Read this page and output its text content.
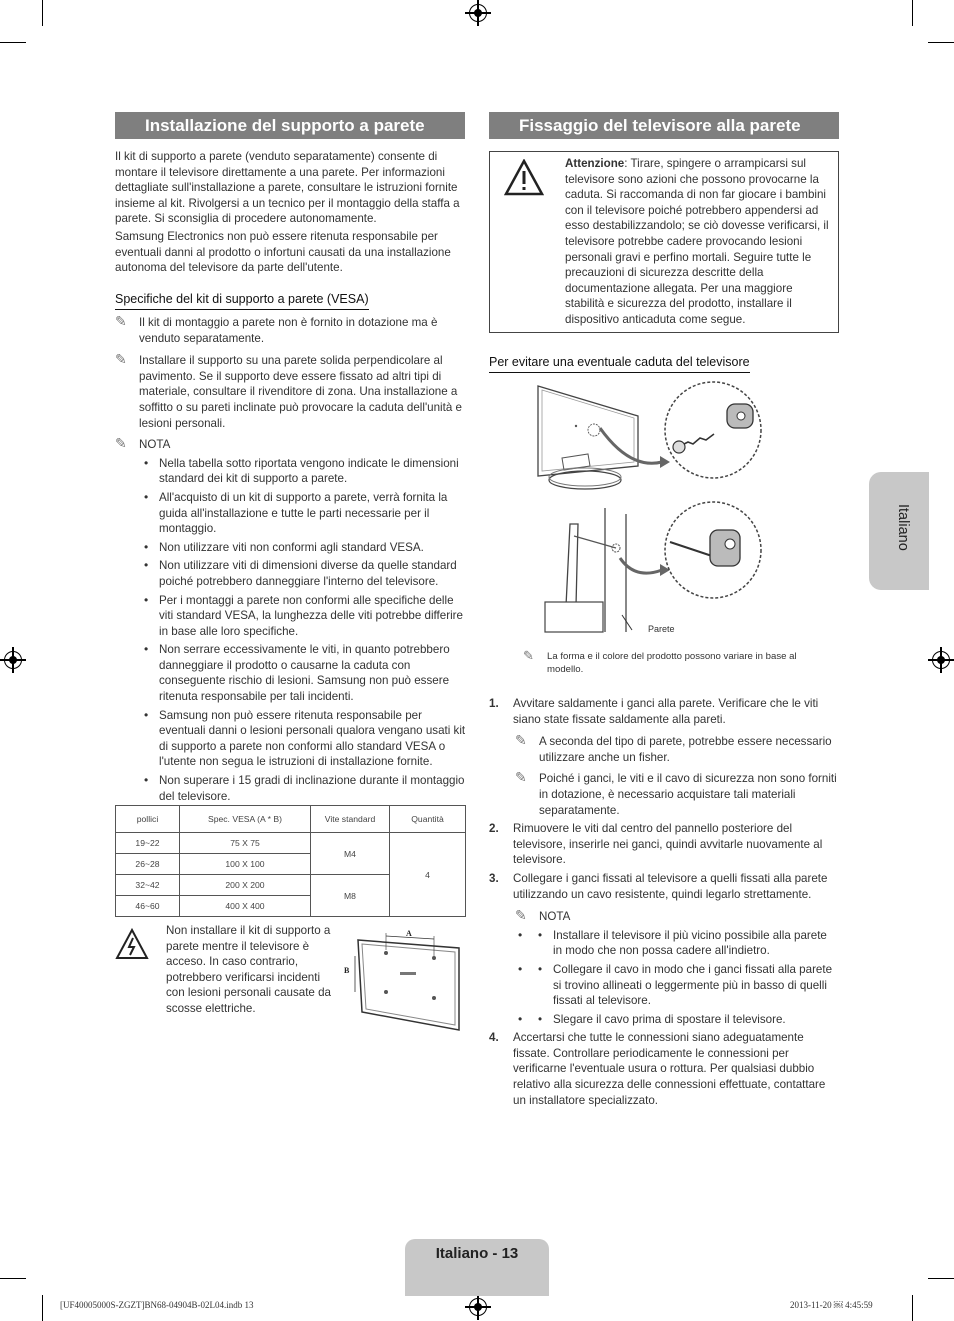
Installazione del supporto a parete

Il kit di supporto a parete (venduto separatamente) consente di montare il televisore direttamente a una parete. Per informazioni dettagliate sull'installazione a parete, consultare le istruzioni fornite insieme al kit. Rivolgersi a un tecnico per il montaggio della staffa a parete. Si sconsiglia di procedere autonomamente.

Samsung Electronics non può essere ritenuta responsabile per eventuali danni al prodotto o infortuni causati da una installazione autonoma del televisore da parte dell'utente.

Specifiche del kit di supporto a parete (VESA)
✎ Il kit di montaggio a parete non è fornito in dotazione ma è venduto separatamente.

✎ Installare il supporto su una parete solida perpendicolare al pavimento. Se il supporto deve essere fissato ad altri tipi di materiale, consultare il rivenditore di zona. Una installazione a soffitto o su pareti inclinate può provocare la caduta dell'unità e lesioni personali.

✎ NOTA

• Nella tabella sotto riportata vengono indicate le dimensioni standard dei kit di supporto a parete.
• All'acquisto di un kit di supporto a parete, verrà fornita la guida all'installazione e tutte le parti necessarie per il montaggio.
• Non utilizzare viti non conformi agli standard VESA.
• Non utilizzare viti di dimensioni diverse da quelle standard poiché potrebbero danneggiare l'interno del televisore.
• Per i montaggi a parete non conformi alle specifiche delle viti standard VESA, la lunghezza delle viti potrebbe differire in base alle loro specifiche.
• Non serrare eccessivamente le viti, in quanto potrebbero danneggiare il prodotto o causarne la caduta con conseguente rischio di lesioni. Samsung non può essere ritenuta responsabile per tali incidenti.
• Samsung non può essere ritenuta responsabile per eventuali danni o lesioni personali qualora vengano usati kit di supporto a parete non conformi allo standard VESA o l'utente non segua le istruzioni di installazione fornite.
• Non superare i 15 gradi di inclinazione durante il montaggio del televisore.
pollici	Spec. VESA (A * B)	Vite standard	Quantità
19~22	75 X 75	M4	4
26~28	100 X 100		
32~42	200 X 200	M8	
46~60	400 X 400		
Non installare il kit di supporto a parete mentre il televisore è acceso. In caso contrario, potrebbero verificarsi incidenti con lesioni personali causate da scosse elettriche.
A
B
Fissaggio del televisore alla parete

Attenzione: Tirare, spingere o arrampicarsi sul televisore sono azioni che possono provocarne la caduta. Si raccomanda di non far giocare i bambini con il televisore poiché potrebbero appendersi ad esso destabilizzandolo; se ciò dovesse verificarsi, il televisore potrebbe cadere provocando lesioni personali gravi e perfino mortali. Seguire tutte le precauzioni di sicurezza descritte della documentazione allegata. Per una maggiore stabilità e sicurezza del prodotto, installare il dispositivo anticaduta come segue.

Per evitare una eventuale caduta del televisore
Parete
✎ La forma e il colore del prodotto possono variare in base al modello.

1. Avvitare saldamente i ganci alla parete. Verificare che le viti siano state fissate saldamente alla pareti.

✎ A seconda del tipo di parete, potrebbe essere necessario utilizzare anche un fisher.

✎ Poiché i ganci, le viti e il cavo di sicurezza non sono forniti in dotazione, è necessario acquistare tali materiali separatamente.

2. Rimuovere le viti dal centro del pannello posteriore del televisore, inserirle nei ganci, quindi avvitarle nuovamente al televisore.

3. Collegare i ganci fissati al televisore a quelli fissati alla parete utilizzando un cavo resistente, quindi legarlo strettamente.

✎ NOTA

• • Installare il televisore il più vicino possibile alla parete in modo che non possa cadere all'indietro.
• • Collegare il cavo in modo che i ganci fissati alla parete si trovino allineati o leggermente più in basso di quelli fissati al televisore.
• • Slegare il cavo prima di spostare il televisore.
4. Accertarsi che tutte le connessioni siano adeguatamente fissate. Controllare periodicamente le connessioni per verificarne l'eventuale usura o rottura. Per qualsiasi dubbio relativo alla sicurezza delle connessioni effettuate, contattare un installatore specializzato.

Italiano
Italiano - 13
[UF40005000S-ZGZT]BN68-04904B-02L04.indb 13	2013-11-20 ￼ 4:45:59
